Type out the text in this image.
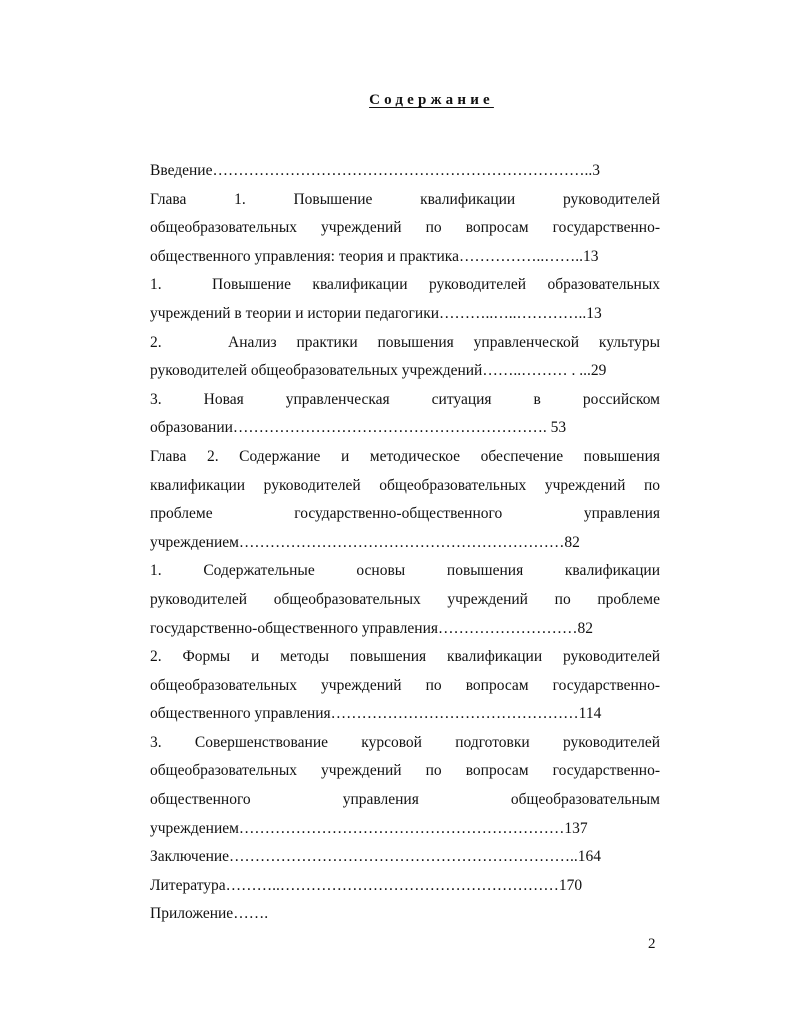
Содержание
Введение………………………………………………………………..3
Глава 1. Повышение квалификации руководителей
общеобразовательных учреждений по вопросам государственно-
общественного управления: теория и практика……………..……..13
1.	Повышение квалификации руководителей образовательных
учреждений в теории и истории педагогики………..…..…………..13
2.	Анализ практики повышения управленческой культуры
руководителей общеобразовательных учреждений……..……… . ...29
3. Новая управленческая ситуация в российском
образовании……………………………………………………. 53
Глава 2. Содержание и методическое обеспечение повышения
квалификации руководителей общеобразовательных учреждений по
проблеме государственно-общественного управления
учреждением………………………………………………………82
1. Содержательные основы повышения квалификации
руководителей общеобразовательных учреждений по проблеме
государственно-общественного управления………………………82
2. Формы и методы повышения квалификации руководителей
общеобразовательных учреждений по вопросам государственно-
общественного управления…………………………………………114
3. Совершенствование курсовой подготовки руководителей
общеобразовательных учреждений по вопросам государственно-
общественного управления общеобразовательным
учреждением………………………………………………………137
Заключение…………………………………………………………..164
Литература………..………………………………………………170
Приложение…….
2
